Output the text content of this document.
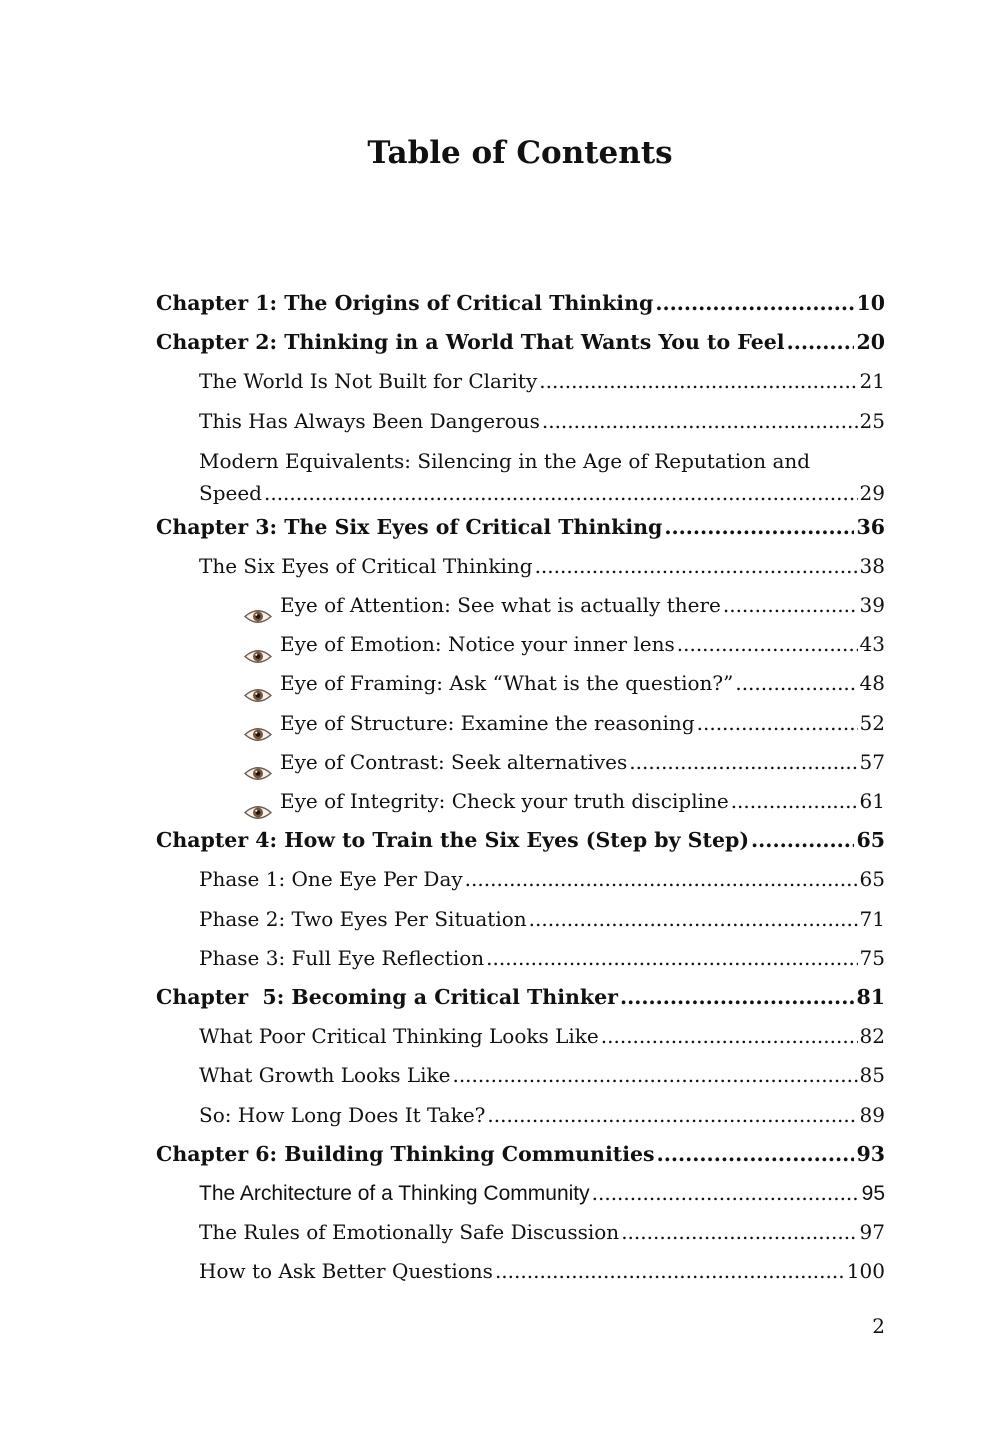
Table of Contents
Chapter 1: The Origins of Critical Thinking .....	10
Chapter 2: Thinking in a World That Wants You to Feel .....	20
The World Is Not Built for Clarity .....	21
This Has Always Been Dangerous .....	25
Modern Equivalents: Silencing in the Age of Reputation and
Speed .....	29
Chapter 3: The Six Eyes of Critical Thinking .....	36
The Six Eyes of Critical Thinking .....	38
Eye of Attention: See what is actually there .....	39
Eye of Emotion: Notice your inner lens .....	43
Eye of Framing: Ask “What is the question?” .....	48
Eye of Structure: Examine the reasoning .....	52
Eye of Contrast: Seek alternatives .....	57
Eye of Integrity: Check your truth discipline .....	61
Chapter 4: How to Train the Six Eyes (Step by Step) .....	65
Phase 1: One Eye Per Day .....	65
Phase 2: Two Eyes Per Situation .....	71
Phase 3: Full Eye Reflection .....	75
Chapter  5: Becoming a Critical Thinker .....	81
What Poor Critical Thinking Looks Like .....	82
What Growth Looks Like .....	85
So: How Long Does It Take? .....	89
Chapter 6: Building Thinking Communities .....	93
The Architecture of a Thinking Community .....	95
The Rules of Emotionally Safe Discussion .....	97
How to Ask Better Questions .....	100
2
